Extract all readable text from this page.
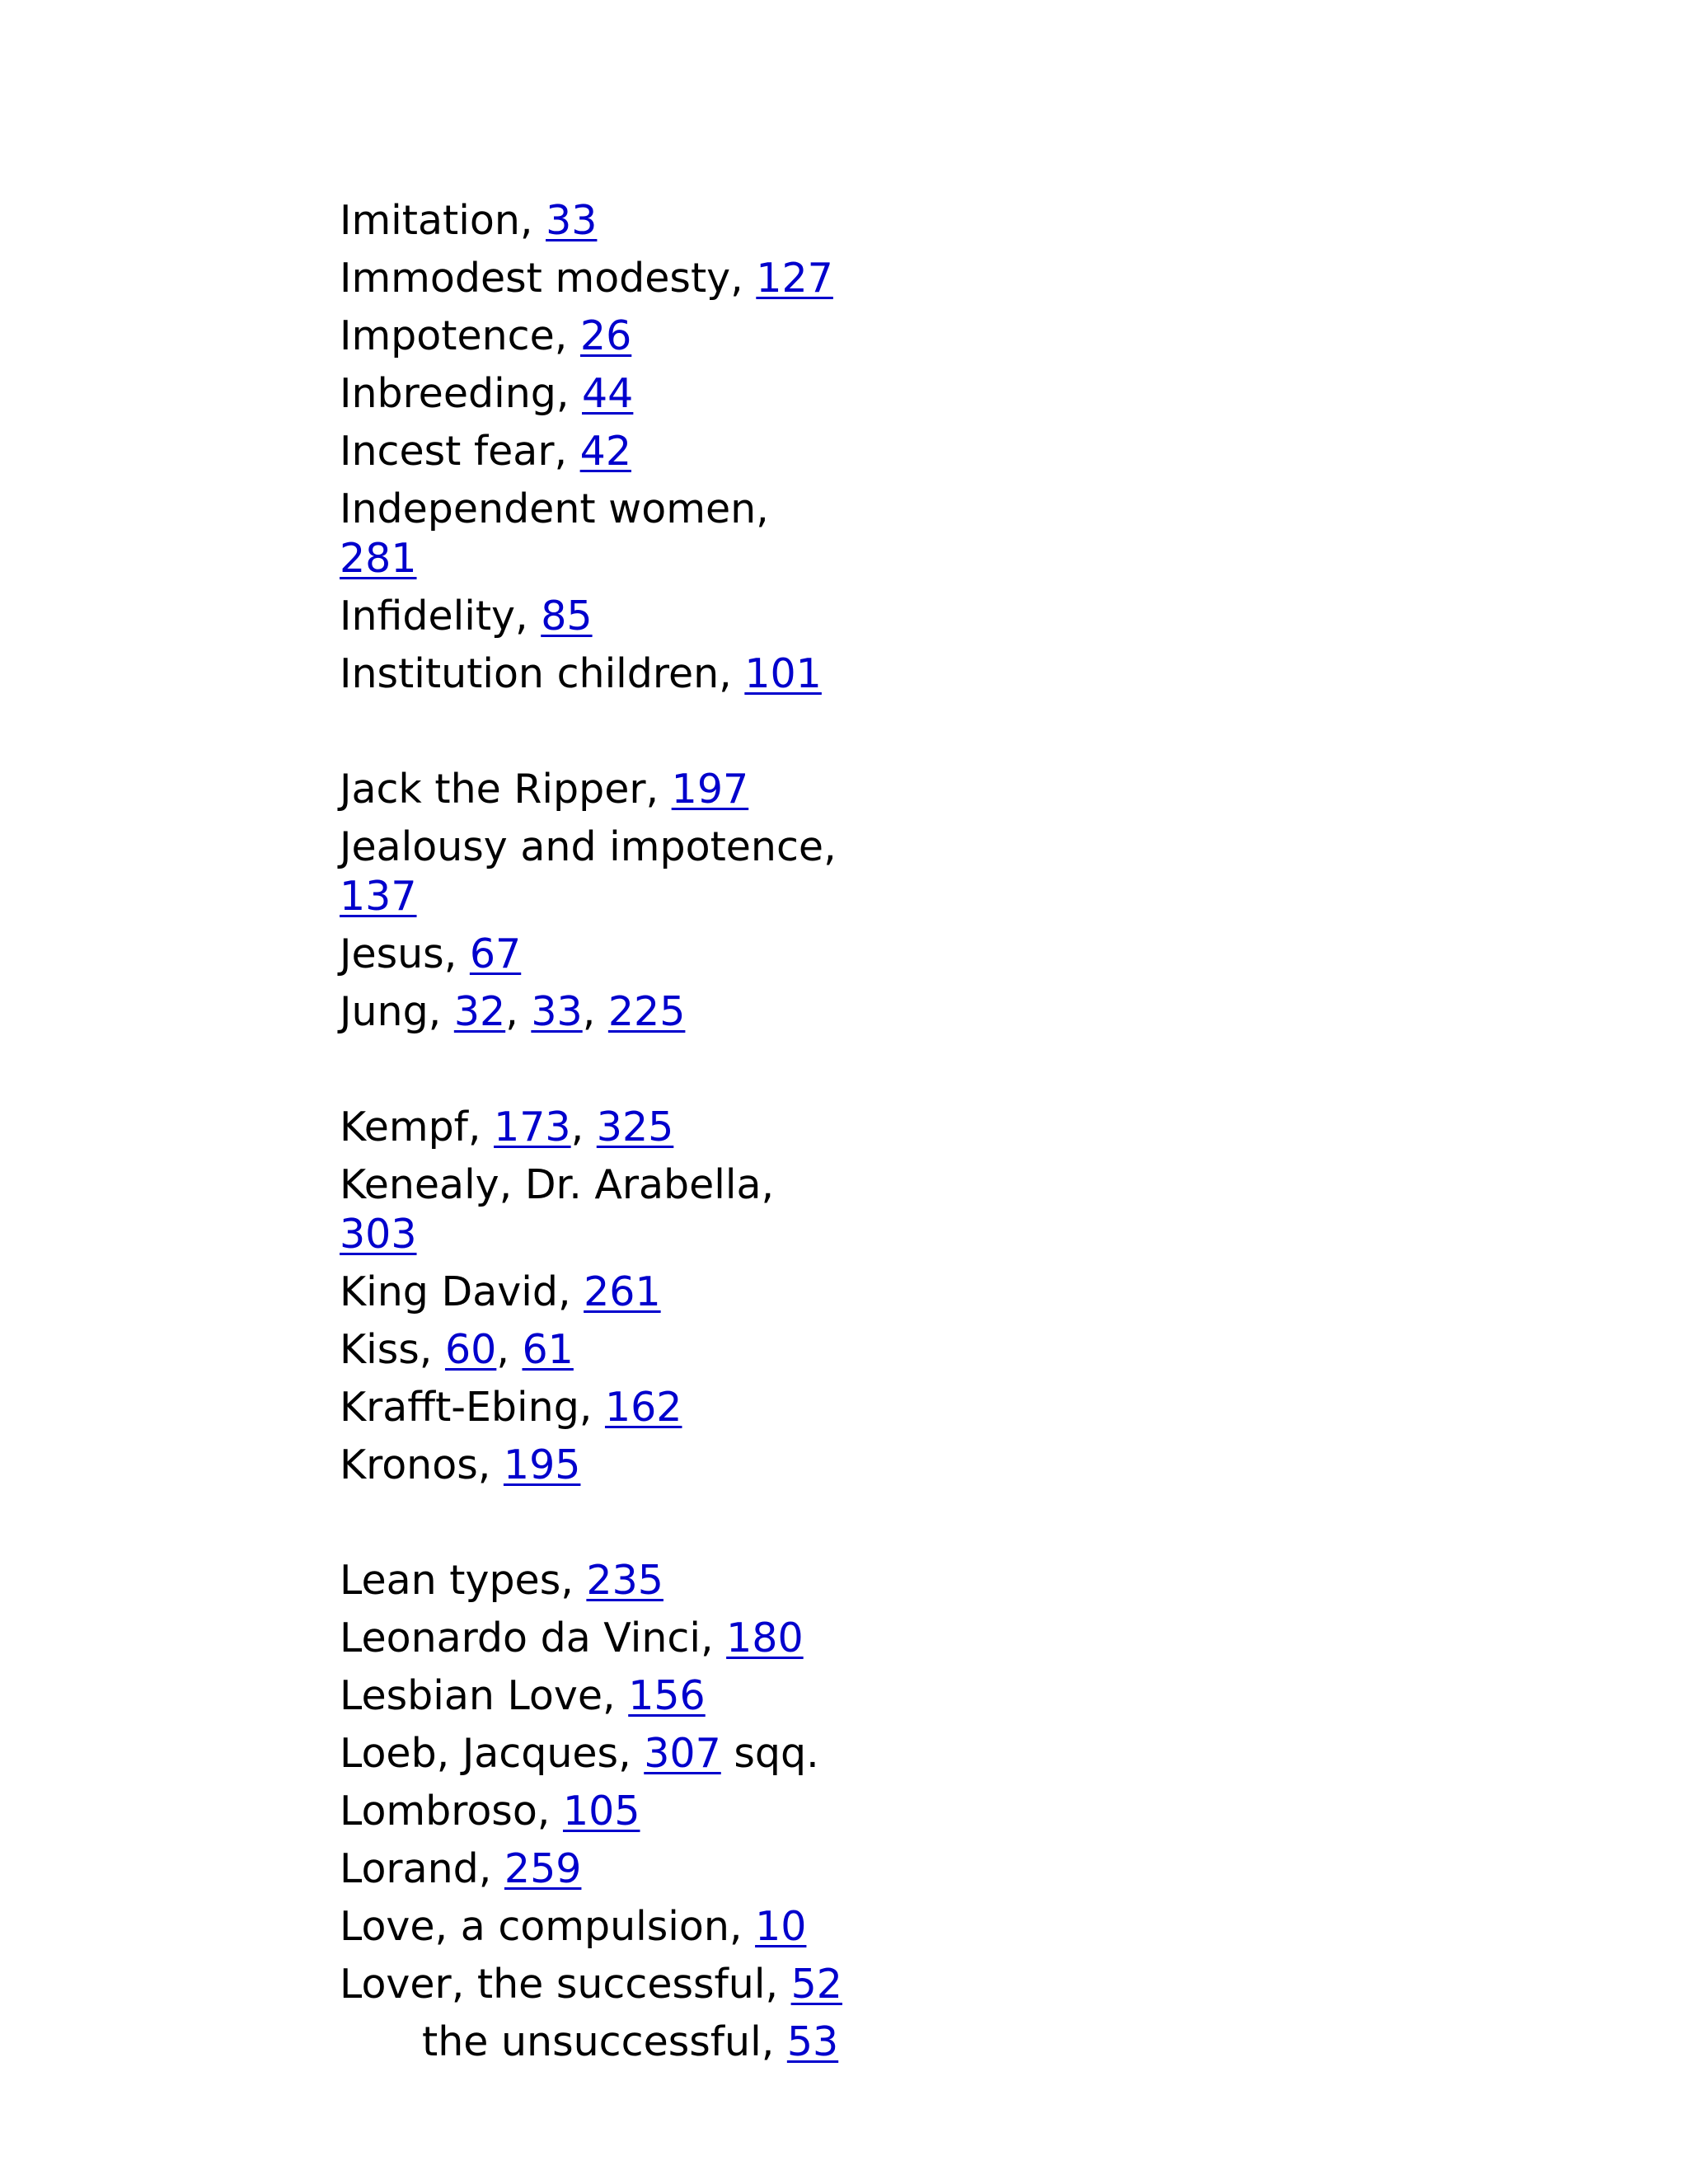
Imitation, 33
Immodest modesty, 127
Impotence, 26
Inbreeding, 44
Incest fear, 42
Independent women, 281
Infidelity, 85
Institution children, 101
Jack the Ripper, 197
Jealousy and impotence, 137
Jesus, 67
Jung, 32, 33, 225
Kempf, 173, 325
Kenealy, Dr. Arabella, 303
King David, 261
Kiss, 60, 61
Krafft-Ebing, 162
Kronos, 195
Lean types, 235
Leonardo da Vinci, 180
Lesbian Love, 156
Loeb, Jacques, 307 sqq.
Lombroso, 105
Lorand, 259
Love, a compulsion, 10
Lover, the successful, 52
the unsuccessful, 53
